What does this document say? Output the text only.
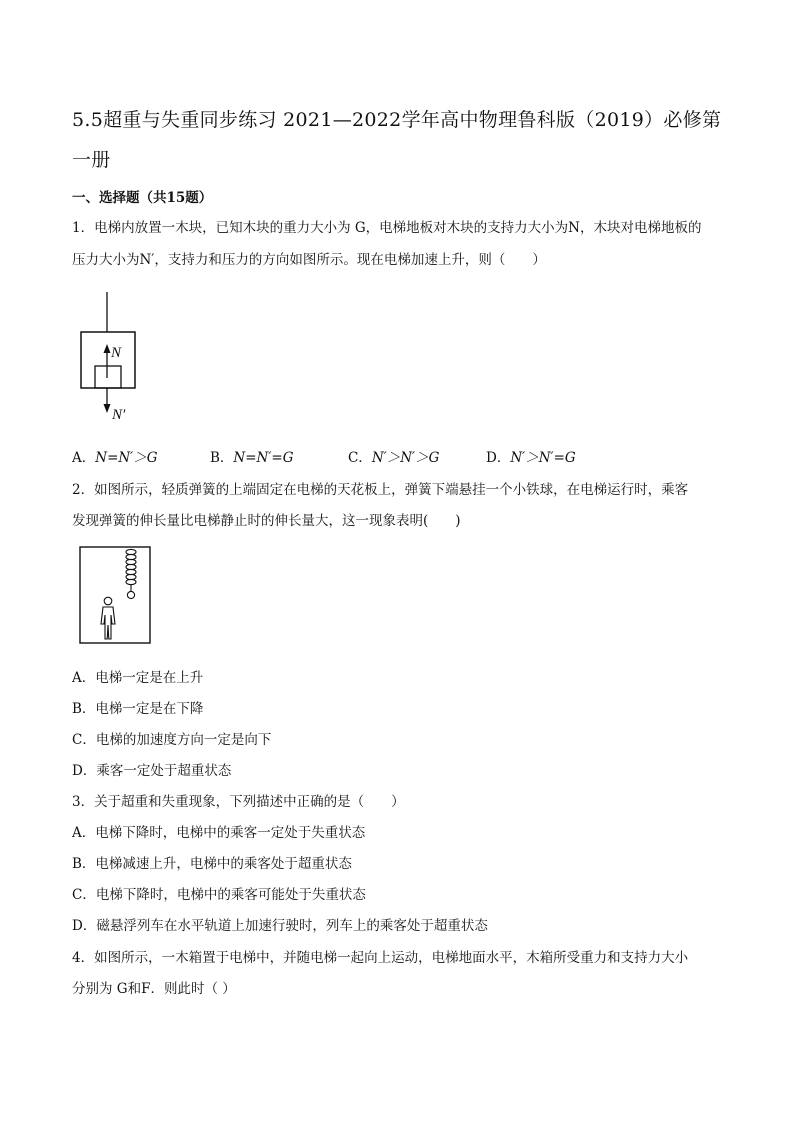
5.5超重与失重同步练习 2021—2022学年高中物理鲁科版（2019）必修第一册
一、选择题（共15题）
1．电梯内放置一木块，已知木块的重力大小为 G，电梯地板对木块的支持力大小为N，木块对电梯地板的
压力大小为N′，支持力和压力的方向如图所示。现在电梯加速上升，则（　　）
N
N′
A．N=N′＞G	B．N=N′=G	C．N′＞N′＞G	D．N′＞N′=G
2．如图所示，轻质弹簧的上端固定在电梯的天花板上，弹簧下端悬挂一个小铁球，在电梯运行时，乘客
发现弹簧的伸长量比电梯静止时的伸长量大，这一现象表明(　　)
A．电梯一定是在上升
B．电梯一定是在下降
C．电梯的加速度方向一定是向下
D．乘客一定处于超重状态
3．关于超重和失重现象，下列描述中正确的是（　　）
A．电梯下降时，电梯中的乘客一定处于失重状态
B．电梯减速上升，电梯中的乘客处于超重状态
C．电梯下降时，电梯中的乘客可能处于失重状态
D．磁悬浮列车在水平轨道上加速行驶时，列车上的乘客处于超重状态
4．如图所示，一木箱置于电梯中，并随电梯一起向上运动，电梯地面水平，木箱所受重力和支持力大小
分别为 G和F．则此时（ ）
